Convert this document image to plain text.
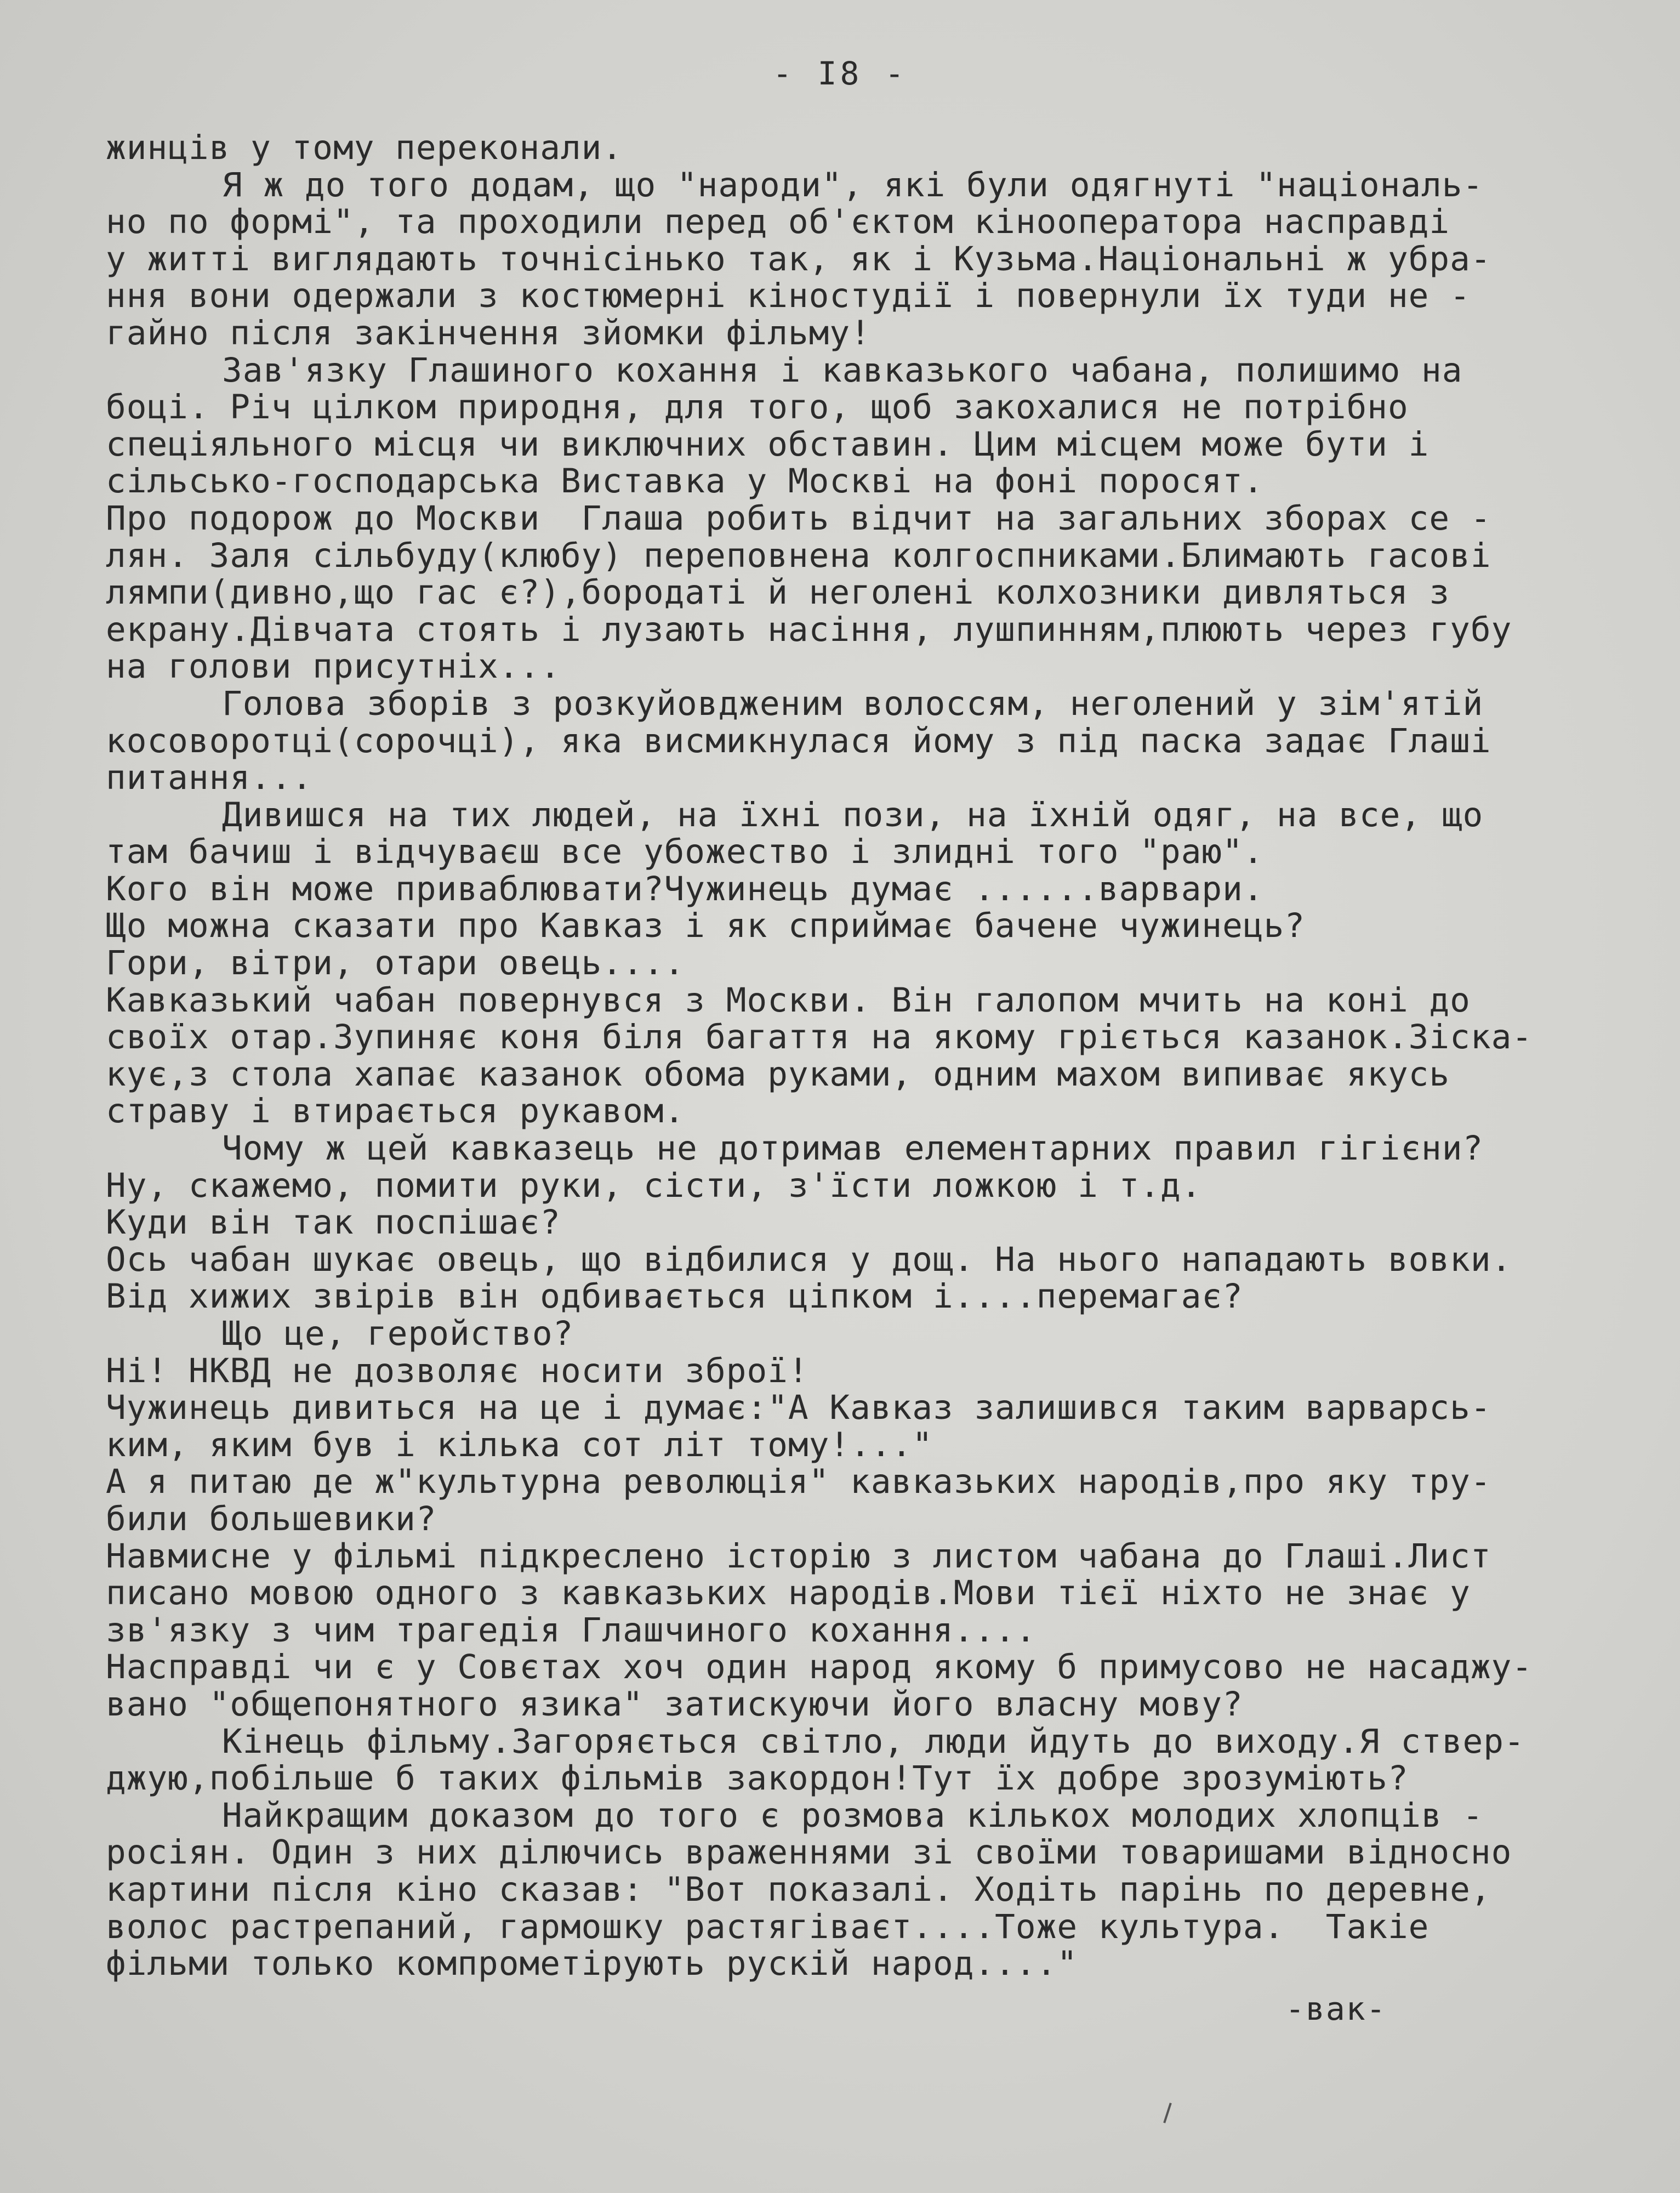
- I8 -
жинців у тому переконали.
Я ж до того додам, що "народи", які були одягнуті "національ-
но по формі", та проходили перед об'єктом кінооператора насправді
у житті виглядають точнісінько так, як і Кузьма.Національні ж убра-
ння вони одержали з костюмерні кіностудії і повернули їх туди не -
гайно після закінчення зйомки фільму!
Зав'язку Глашиного кохання і кавказького чабана, полишимо на
боці. Річ цілком природня, для того, щоб закохалися не потрібно
спеціяльного місця чи виключних обставин. Цим місцем може бути і
сільсько-господарська Виставка у Москві на фоні поросят.
Про подорож до Москви  Глаша робить відчит на загальних зборах се -
лян. Заля сільбуду(клюбу) переповнена колгоспниками.Блимають гасові
лямпи(дивно,що гас є?),бородаті й неголені колхозники дивляться з
екрану.Дівчата стоять і лузають насіння, лушпинням,плюють через губу
на голови присутніх...
Голова зборів з розкуйовдженим волоссям, неголений у зім'ятій
косоворотці(сорочці), яка висмикнулася йому з під паска задає Глаші
питання...
Дивишся на тих людей, на їхні пози, на їхній одяг, на все, що
там бачиш і відчуваєш все убожество і злидні того "раю".
Кого він може приваблювати?Чужинець думає ......варвари.
Що можна сказати про Кавказ і як сприймає бачене чужинець?
Гори, вітри, отари овець....
Кавказький чабан повернувся з Москви. Він галопом мчить на коні до
своїх отар.Зупиняє коня біля багаття на якому гріється казанок.Зіска-
кує,з стола хапає казанок обома руками, одним махом випиває якусь
страву і втирається рукавом.
Чому ж цей кавказець не дотримав елементарних правил гігієни?
Ну, скажемо, помити руки, сісти, з'їсти ложкою і т.д.
Куди він так поспішає?
Ось чабан шукає овець, що відбилися у дощ. На нього нападають вовки.
Від хижих звірів він одбивається ціпком і....перемагає?
Що це, геройство?
Ні! НКВД не дозволяє носити зброї!
Чужинець дивиться на це і думає:"А Кавказ залишився таким варварсь-
ким, яким був і кілька сот літ тому!..."
А я питаю де ж"культурна революція" кавказьких народів,про яку тру-
били большевики?
Навмисне у фільмі підкреслено історію з листом чабана до Глаші.Лист
писано мовою одного з кавказьких народів.Мови тієї ніхто не знає у
зв'язку з чим трагедія Глашчиного кохання....
Насправді чи є у Совєтах хоч один народ якому б примусово не насаджу-
вано "общепонятного язика" затискуючи його власну мову?
Кінець фільму.Загоряється світло, люди йдуть до виходу.Я ствер-
джую,побільше б таких фільмів закордон!Тут їх добре зрозуміють?
Найкращим доказом до того є розмова кількох молодих хлопців -
росіян. Один з них ділючись враженнями зі своїми товаришами відносно
картини після кіно сказав: "Вот показалі. Ходіть парінь по деревне,
волос растрепаний, гармошку растягіваєт....Тоже культура.  Такіе
фільми только компрометірують рускій народ...."
-вак-
